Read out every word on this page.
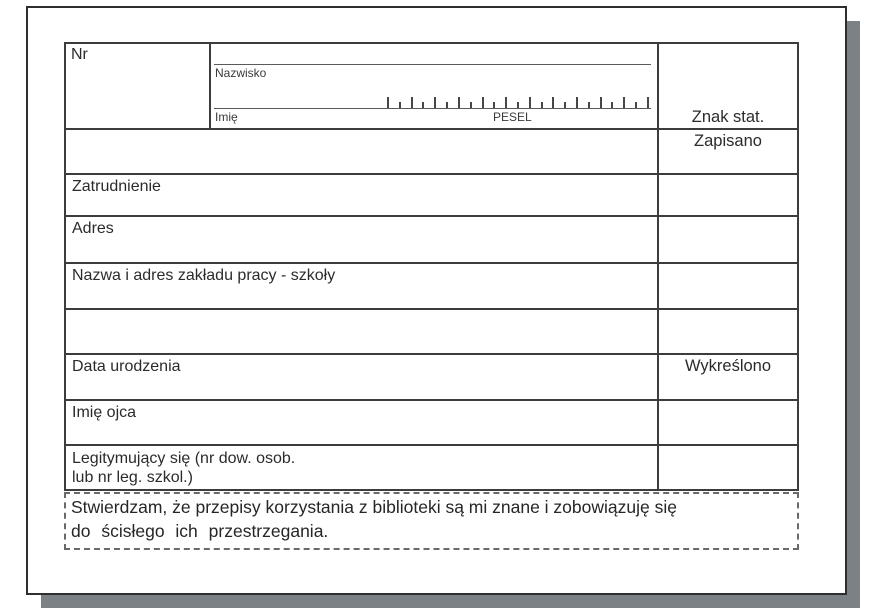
Nr
Nazwisko
Imię	PESEL	Znak stat.
Zapisano
Zatrudnienie
Adres
Nazwa i adres zakładu pracy - szkoły
Data urodzenia	Wykreślono
Imię ojca
Legitymujący się (nr dow. osob.
lub nr leg. szkol.)
Stwierdzam, że przepisy korzystania z biblioteki są mi znane i zobowiązuję się
do ścisłego ich przestrzegania.
